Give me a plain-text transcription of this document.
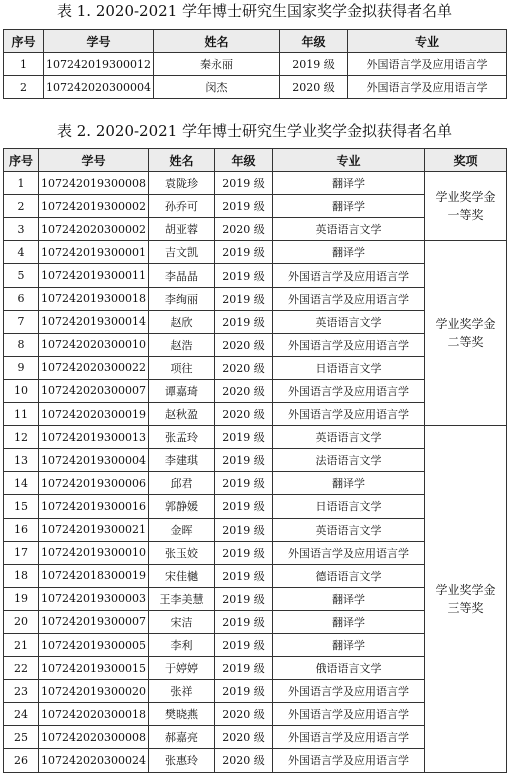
表 1. 2020-2021 学年博士研究生国家奖学金拟获得者名单
序号	学号	姓名	年级	专业
1	107242019300012	秦永丽	2019 级	外国语言学及应用语言学
2	107242020300004	闵杰	2020 级	外国语言学及应用语言学
表 2. 2020-2021 学年博士研究生学业奖学金拟获得者名单
序号	学号	姓名	年级	专业	奖项
1	107242019300008	袁陇珍	2019 级	翻译学	学业奖学金一等奖
2	107242019300002	孙乔可	2019 级	翻译学	
3	107242020300002	胡亚蓉	2020 级	英语语言文学	
4	107242019300001	吉文凯	2019 级	翻译学	学业奖学金二等奖
5	107242019300011	李晶晶	2019 级	外国语言学及应用语言学	
6	107242019300018	李绚丽	2019 级	外国语言学及应用语言学	
7	107242019300014	赵欣	2019 级	英语语言文学	
8	107242020300010	赵浩	2020 级	外国语言学及应用语言学	
9	107242020300022	项往	2020 级	日语语言文学	
10	107242020300007	谭嘉琦	2020 级	外国语言学及应用语言学	
11	107242020300019	赵秋盈	2020 级	外国语言学及应用语言学	
12	107242019300013	张孟玲	2019 级	英语语言文学	学业奖学金三等奖
13	107242019300004	李建琪	2019 级	法语语言文学	
14	107242019300006	邱君	2019 级	翻译学	
15	107242019300016	郭静媛	2019 级	日语语言文学	
16	107242019300021	金晖	2019 级	英语语言文学	
17	107242019300010	张玉姣	2019 级	外国语言学及应用语言学	
18	107242018300019	宋佳樾	2019 级	德语语言文学	
19	107242019300003	王李美慧	2019 级	翻译学	
20	107242019300007	宋洁	2019 级	翻译学	
21	107242019300005	李利	2019 级	翻译学	
22	107242019300015	于婷婷	2019 级	俄语语言文学	
23	107242019300020	张祥	2019 级	外国语言学及应用语言学	
24	107242020300018	樊晓燕	2020 级	外国语言学及应用语言学	
25	107242020300008	郝嘉亮	2020 级	外国语言学及应用语言学	
26	107242020300024	张惠玲	2020 级	外国语言学及应用语言学	
